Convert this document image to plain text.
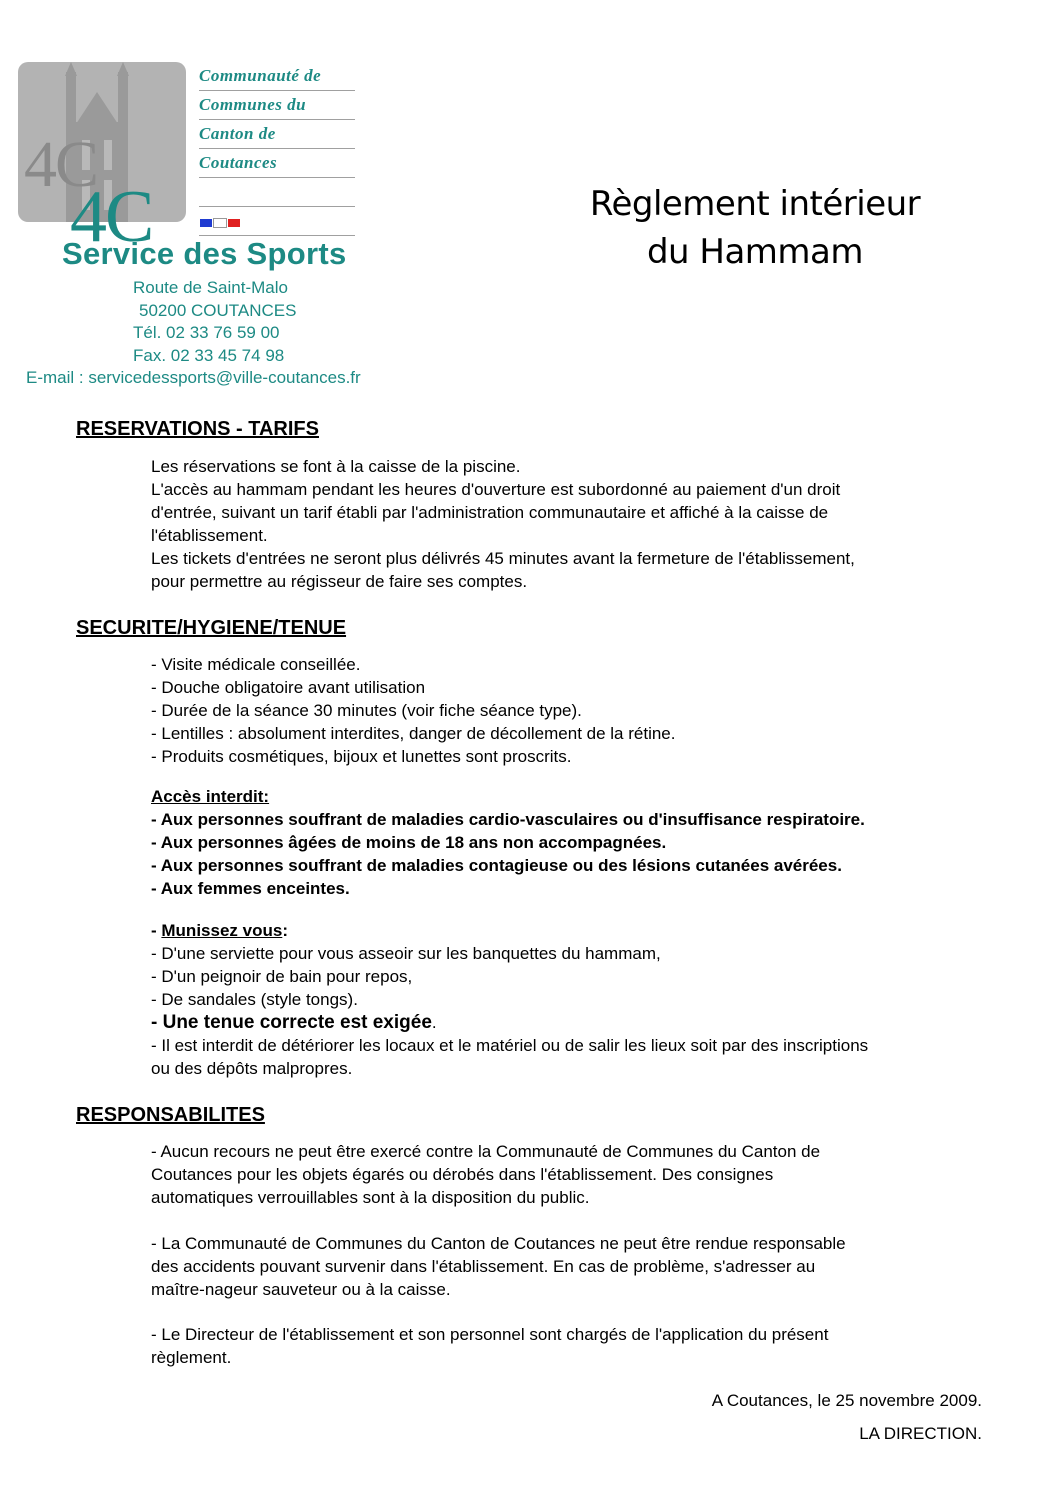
4C
4C
Communauté de
Communes du
Canton de
Coutances
Service des Sports
Route de Saint-Malo
50200 COUTANCES
Tél. 02 33 76 59 00
Fax. 02 33 45 74 98
E-mail : servicedessports@ville-coutances.fr
Règlement intérieur
du Hammam
RESERVATIONS - TARIFS
Les réservations se font à la caisse de la piscine.
L'accès au hammam pendant les heures d'ouverture est subordonné au paiement d'un droit
d'entrée, suivant un tarif établi par l'administration communautaire et affiché à la caisse de
l'établissement.
Les tickets d'entrées ne seront plus délivrés 45 minutes avant la fermeture de l'établissement,
pour permettre au régisseur de faire ses comptes.
SECURITE/HYGIENE/TENUE
- Visite médicale conseillée.
- Douche obligatoire avant utilisation
- Durée de la séance 30 minutes (voir fiche séance type).
- Lentilles : absolument interdites, danger de décollement de la rétine.
- Produits cosmétiques, bijoux et lunettes sont proscrits.
Accès interdit:
- Aux personnes souffrant de maladies cardio-vasculaires ou d'insuffisance respiratoire.
- Aux personnes âgées de moins de 18 ans non accompagnées.
- Aux personnes souffrant de maladies contagieuse ou des lésions cutanées avérées.
- Aux femmes enceintes.
- Munissez vous:
- D'une serviette pour vous asseoir sur les banquettes du hammam,
- D'un peignoir de bain pour repos,
- De sandales (style tongs).
- Une tenue correcte est exigée.
- Il est interdit de détériorer les locaux et le matériel ou de salir les lieux soit par des inscriptions
ou des dépôts malpropres.
RESPONSABILITES
- Aucun recours ne peut être exercé contre la Communauté de Communes du Canton de
Coutances pour les objets égarés ou dérobés dans l'établissement. Des consignes
automatiques verrouillables sont à la disposition du public.
- La Communauté de Communes du Canton de Coutances ne peut être rendue responsable
des accidents pouvant survenir dans l'établissement. En cas de problème, s'adresser au
maître-nageur sauveteur ou à la caisse.
- Le Directeur de l'établissement et son personnel sont chargés de l'application du présent
règlement.
A Coutances, le 25 novembre 2009.
LA DIRECTION.
